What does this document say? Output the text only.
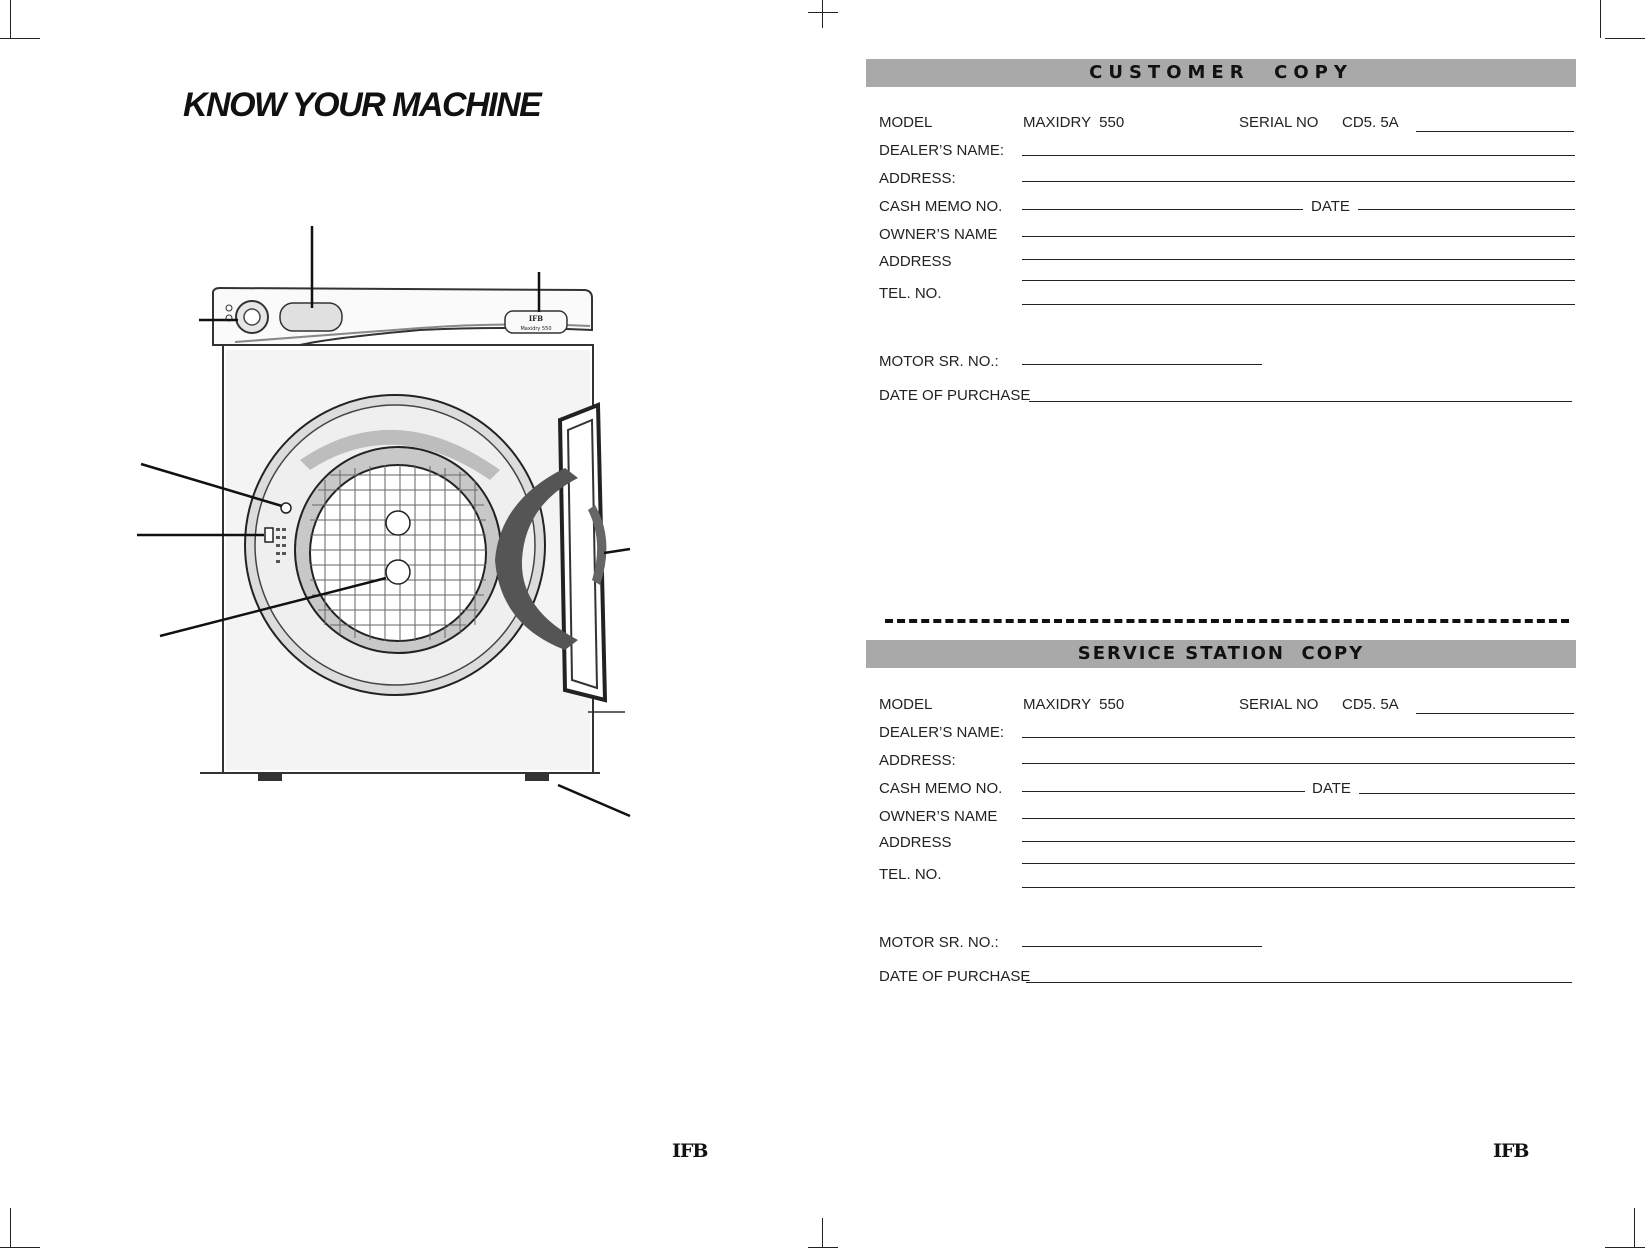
KNOW YOUR MACHINE
IFB
Maxidry 550
IFB
CUSTOMER  COPY
MODEL	MAXIDRY  550	SERIAL NO CD5. 5A
DEALER’S NAME:
ADDRESS:
CASH MEMO NO.	DATE
OWNER’S NAME
ADDRESS
TEL. NO.
MOTOR SR. NO.:
DATE OF PURCHASE
SERVICE STATION  COPY
MODEL	MAXIDRY  550	SERIAL NO CD5. 5A
DEALER’S NAME:
ADDRESS:
CASH MEMO NO.	DATE
OWNER’S NAME
ADDRESS
TEL. NO.
MOTOR SR. NO.:
DATE OF PURCHASE
IFB
